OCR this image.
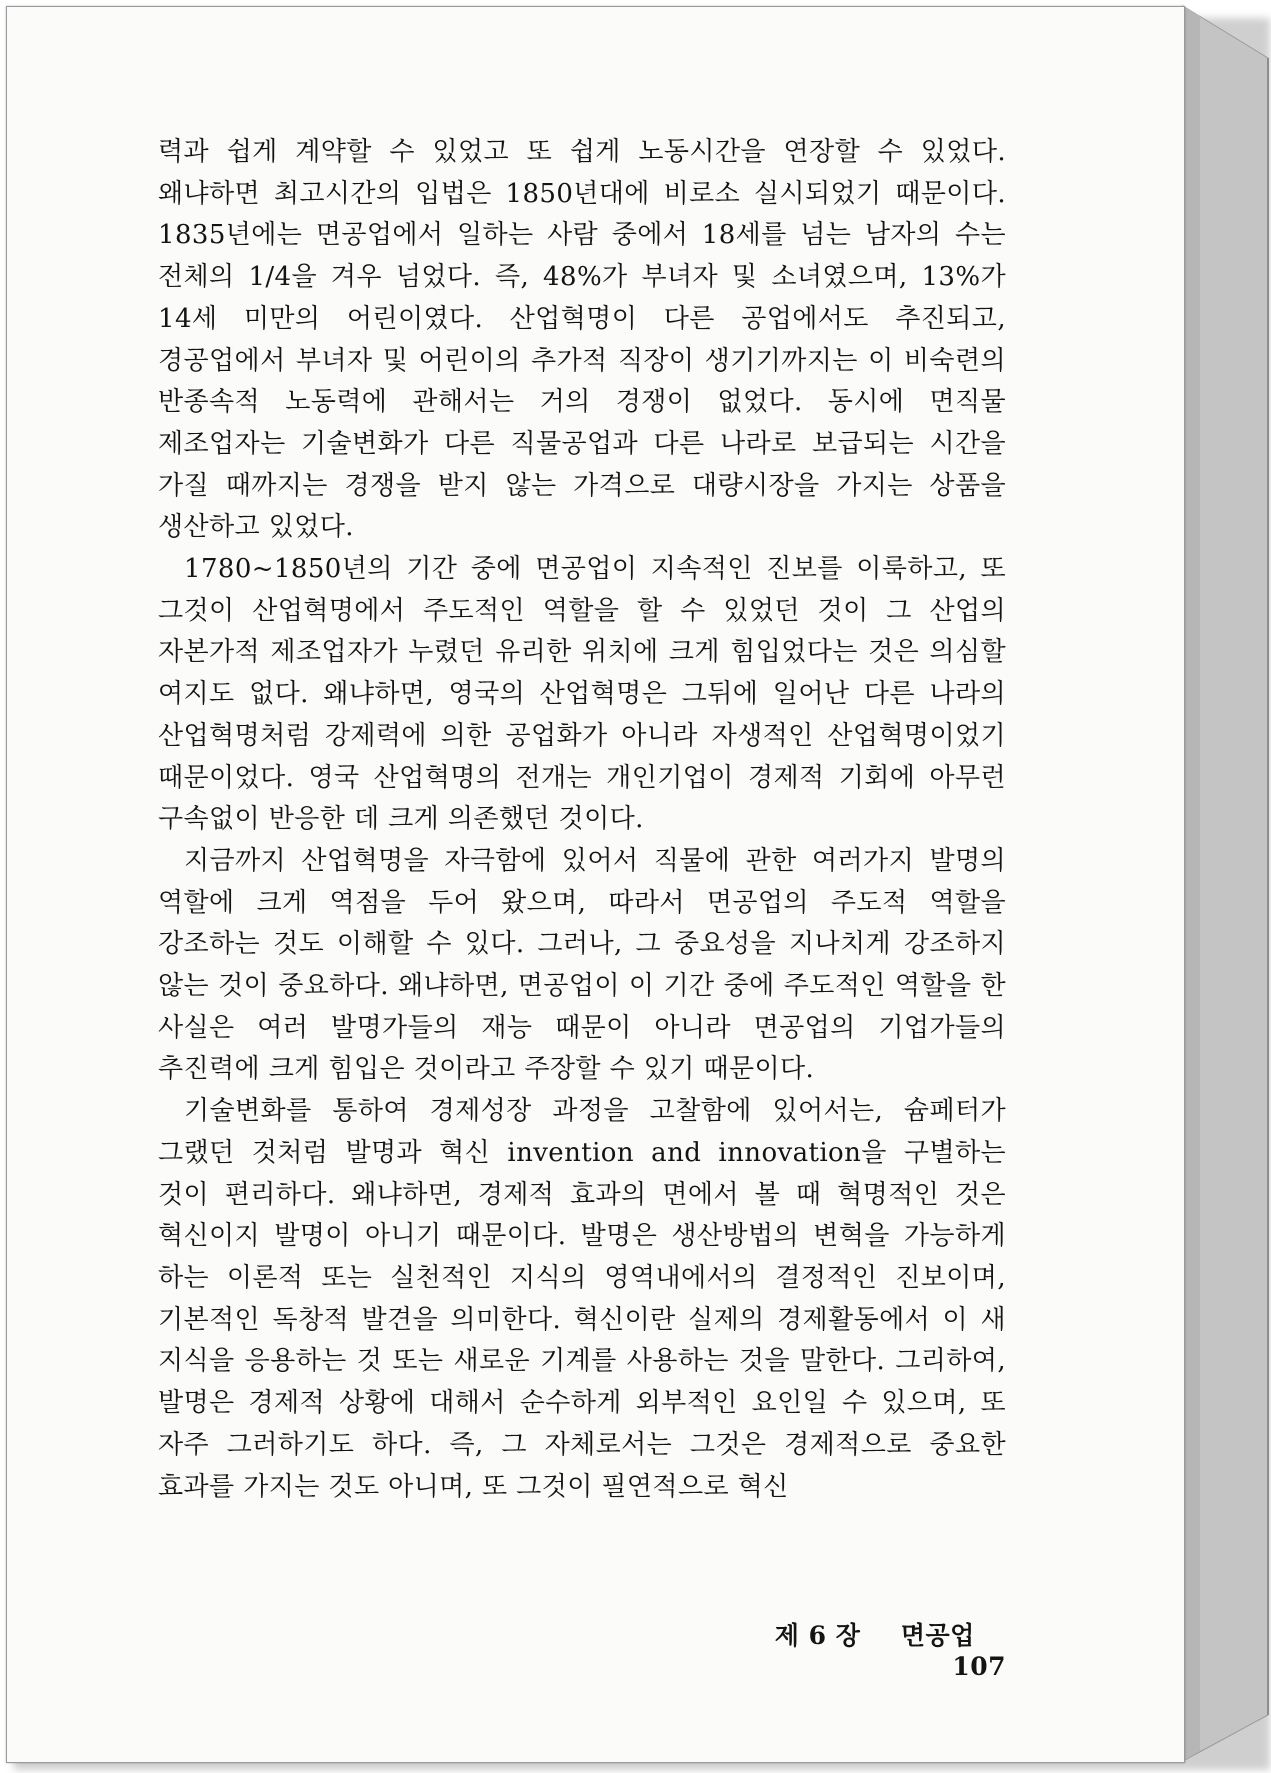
력과 쉽게 계약할 수 있었고 또 쉽게 노동시간을 연장할 수 있었다. 왜냐하면 최고시간의 입법은 1850년대에 비로소 실시되었기 때문이다. 1835년에는 면공업에서 일하는 사람 중에서 18세를 넘는 남자의 수는 전체의 1/4을 겨우 넘었다. 즉, 48%가 부녀자 및 소녀였으며, 13%가 14세 미만의 어린이였다. 산업혁명이 다른 공업에서도 추진되고, 경공업에서 부녀자 및 어린이의 추가적 직장이 생기기까지는 이 비숙련의 반종속적 노동력에 관해서는 거의 경쟁이 없었다. 동시에 면직물 제조업자는 기술변화가 다른 직물공업과 다른 나라로 보급되는 시간을 가질 때까지는 경쟁을 받지 않는 가격으로 대량시장을 가지는 상품을 생산하고 있었다.

1780~1850년의 기간 중에 면공업이 지속적인 진보를 이룩하고, 또 그것이 산업혁명에서 주도적인 역할을 할 수 있었던 것이 그 산업의 자본가적 제조업자가 누렸던 유리한 위치에 크게 힘입었다는 것은 의심할 여지도 없다. 왜냐하면, 영국의 산업혁명은 그뒤에 일어난 다른 나라의 산업혁명처럼 강제력에 의한 공업화가 아니라 자생적인 산업혁명이었기 때문이었다. 영국 산업혁명의 전개는 개인기업이 경제적 기회에 아무런 구속없이 반응한 데 크게 의존했던 것이다.

지금까지 산업혁명을 자극함에 있어서 직물에 관한 여러가지 발명의 역할에 크게 역점을 두어 왔으며, 따라서 면공업의 주도적 역할을 강조하는 것도 이해할 수 있다. 그러나, 그 중요성을 지나치게 강조하지 않는 것이 중요하다. 왜냐하면, 면공업이 이 기간 중에 주도적인 역할을 한 사실은 여러 발명가들의 재능 때문이 아니라 면공업의 기업가들의 추진력에 크게 힘입은 것이라고 주장할 수 있기 때문이다.

기술변화를 통하여 경제성장 과정을 고찰함에 있어서는, 슘페터가 그랬던 것처럼 발명과 혁신 invention and innovation을 구별하는 것이 편리하다. 왜냐하면, 경제적 효과의 면에서 볼 때 혁명적인 것은 혁신이지 발명이 아니기 때문이다. 발명은 생산방법의 변혁을 가능하게 하는 이론적 또는 실천적인 지식의 영역내에서의 결정적인 진보이며, 기본적인 독창적 발견을 의미한다. 혁신이란 실제의 경제활동에서 이 새 지식을 응용하는 것 또는 새로운 기계를 사용하는 것을 말한다. 그리하여, 발명은 경제적 상황에 대해서 순수하게 외부적인 요인일 수 있으며, 또 자주 그러하기도 하다. 즉, 그 자체로서는 그것은 경제적으로 중요한 효과를 가지는 것도 아니며, 또 그것이 필연적으로 혁신

제 6 장 면공업  107
